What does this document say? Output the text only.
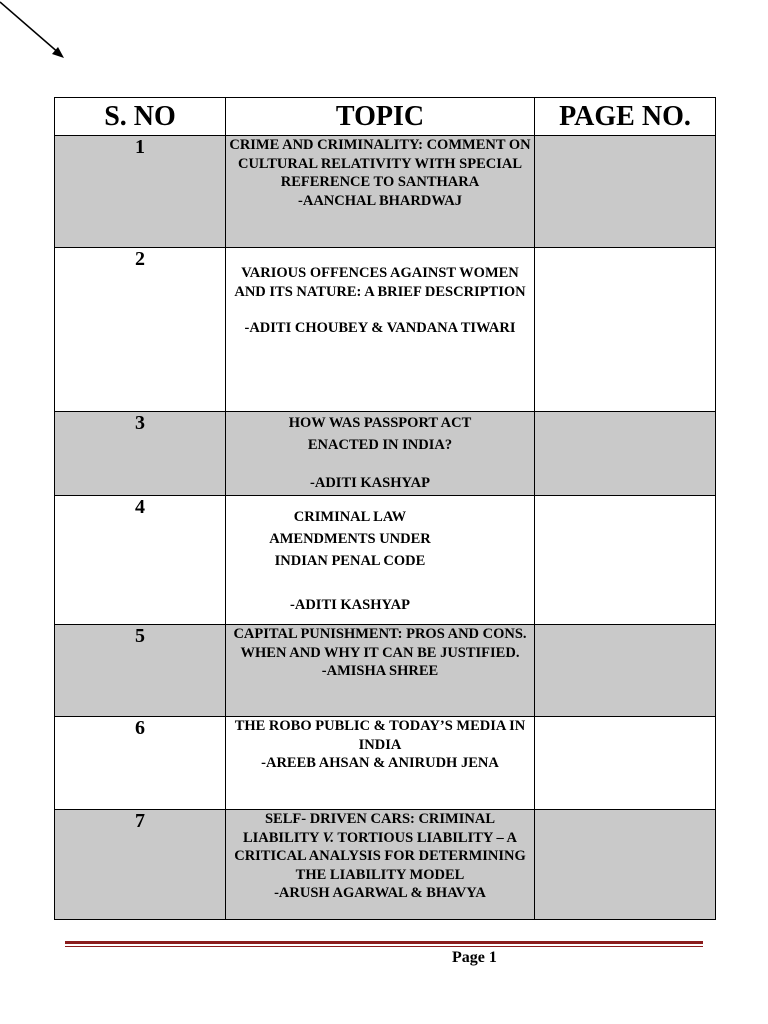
S. NO	TOPIC	PAGE NO.
1	CRIME AND CRIMINALITY: COMMENT ON CULTURAL RELATIVITY WITH SPECIAL REFERENCE TO SANTHARA
-AANCHAL BHARDWAJ	

2	VARIOUS OFFENCES AGAINST WOMEN AND ITS NATURE: A BRIEF DESCRIPTION
-ADITI CHOUBEY & VANDANA TIWARI	

3	HOW WAS PASSPORT ACT ENACTED IN INDIA?
-ADITI KASHYAP	

4	CRIMINAL LAW AMENDMENTS UNDER INDIAN PENAL CODE
-ADITI KASHYAP	

5	CAPITAL PUNISHMENT: PROS AND CONS. WHEN AND WHY IT CAN BE JUSTIFIED.
-AMISHA SHREE	

6	THE ROBO PUBLIC & TODAY’S MEDIA IN INDIA
-AREEB AHSAN & ANIRUDH JENA	

7	SELF- DRIVEN CARS: CRIMINAL LIABILITY V. TORTIOUS LIABILITY – A CRITICAL ANALYSIS FOR DETERMINING THE LIABILITY MODEL
-ARUSH AGARWAL & BHAVYA	

Page 1
